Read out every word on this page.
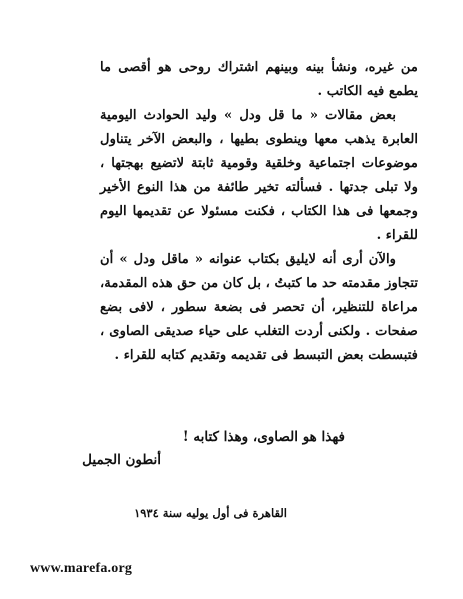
من غيره، ونشأ بينه وبينهم اشتراك روحى هو أقصى ما يطمع فيه الكاتب .

بعض مقالات « ما قل ودل » وليد الحوادث اليومية العابرة يذهب معها وينطوى بطيها ، والبعض الآخر يتناول موضوعات اجتماعية وخلقية وقومية ثابتة لاتضيع بهجتها ، ولا تبلى جدتها . فسألته تخير طائفة من هذا النوع الأخير وجمعها فى هذا الكتاب ، فكنت مسئولا عن تقديمها اليوم للقراء .

والآن أرى أنه لايليق بكتاب عنوانه « ماقل ودل » أن تتجاوز مقدمته حد ما كتبتُ ، بل كان من حق هذه المقدمة، مراعاة للتنظير، أن تحصر فى بضعة سطور ، لافى بضع صفحات . ولكنى أردت التغلب على حياء صديقى الصاوى ، فتبسطت بعض التبسط فى تقديمه وتقديم كتابه للقراء .

فهذا هو الصاوى، وهذا كتابه !
أنطون الجميل
القاهرة فى أول يوليه سنة ١٩٣٤
www.marefa.org
